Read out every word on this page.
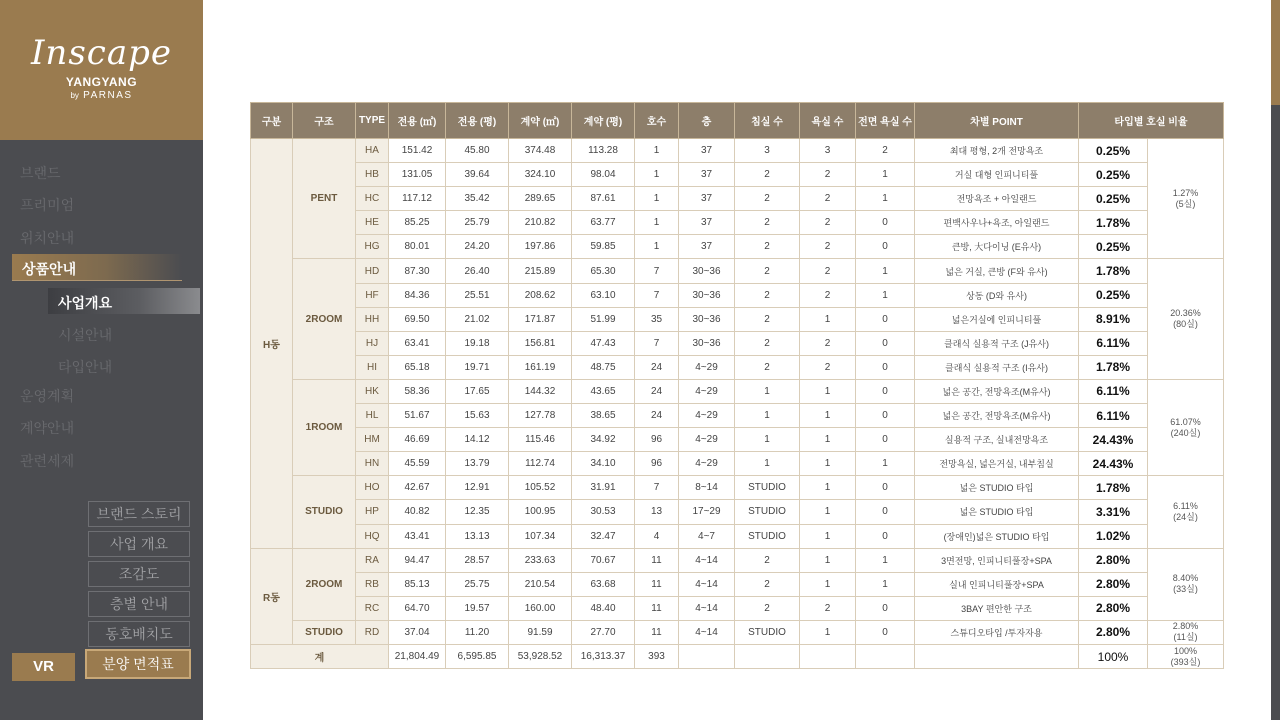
Inscape
YANGYANG
by PARNAS
브랜드
프리미엄
위치안내
상품안내
사업개요
시설안내
타입안내
운영계획
계약안내
관련세제
브랜드 스토리
사업 개요
조감도
층별 안내
동호배치도
분양 면적표
VR
구분	구조	TYPE	전용 (㎡)	전용 (평)	계약 (㎡)	계약 (평)	호수	층	침실 수	욕실 수	전면 욕실 수	차별 POINT	타입별 호실 비율	
H동	PENT	HA	151.42	45.80	374.48	113.28	1	37	3	3	2	최대 평형, 2개 전망욕조	0.25%	1.27%
(5실)
		HB	131.05	39.64	324.10	98.04	1	37	2	2	1	거실 대형 인피니티풀	0.25%	
		HC	117.12	35.42	289.65	87.61	1	37	2	2	1	전망욕조 + 아일랜드	0.25%	
		HE	85.25	25.79	210.82	63.77	1	37	2	2	0	편백사우나+욕조, 아일랜드	1.78%	
		HG	80.01	24.20	197.86	59.85	1	37	2	2	0	큰방, 大다이닝 (E유사)	0.25%	
	2ROOM	HD	87.30	26.40	215.89	65.30	7	30~36	2	2	1	넓은 거실, 큰방 (F와 유사)	1.78%	20.36%
(80실)
		HF	84.36	25.51	208.62	63.10	7	30~36	2	2	1	상동 (D와 유사)	0.25%	
		HH	69.50	21.02	171.87	51.99	35	30~36	2	1	0	넓은거실에 인피니티풀	8.91%	
		HJ	63.41	19.18	156.81	47.43	7	30~36	2	2	0	클래식 실용적 구조 (J유사)	6.11%	
		HI	65.18	19.71	161.19	48.75	24	4~29	2	2	0	클래식 실용적 구조 (I유사)	1.78%	
	1ROOM	HK	58.36	17.65	144.32	43.65	24	4~29	1	1	0	넓은 공간, 전망욕조(M유사)	6.11%	61.07%
(240실)
		HL	51.67	15.63	127.78	38.65	24	4~29	1	1	0	넓은 공간, 전망욕조(M유사)	6.11%	
		HM	46.69	14.12	115.46	34.92	96	4~29	1	1	0	실용적 구조, 실내전망욕조	24.43%	
		HN	45.59	13.79	112.74	34.10	96	4~29	1	1	1	전망욕실, 넓은거실, 내부침실	24.43%	
	STUDIO	HO	42.67	12.91	105.52	31.91	7	8~14	STUDIO	1	0	넓은 STUDIO 타입	1.78%	6.11%
(24실)
		HP	40.82	12.35	100.95	30.53	13	17~29	STUDIO	1	0	넓은 STUDIO 타입	3.31%	
		HQ	43.41	13.13	107.34	32.47	4	4~7	STUDIO	1	0	(장애인)넓은 STUDIO 타입	1.02%	
R동	2ROOM	RA	94.47	28.57	233.63	70.67	11	4~14	2	1	1	3면전망, 인피니티풀장+SPA	2.80%	8.40%
(33실)
		RB	85.13	25.75	210.54	63.68	11	4~14	2	1	1	실내 인피니티풀장+SPA	2.80%	
		RC	64.70	19.57	160.00	48.40	11	4~14	2	2	0	3BAY 편안한 구조	2.80%	
	STUDIO	RD	37.04	11.20	91.59	27.70	11	4~14	STUDIO	1	0	스튜디오타입 /투자자용	2.80%	2.80%
(11실)
계			21,804.49	6,595.85	53,928.52	16,313.37	393						100%	100%
(393실)
